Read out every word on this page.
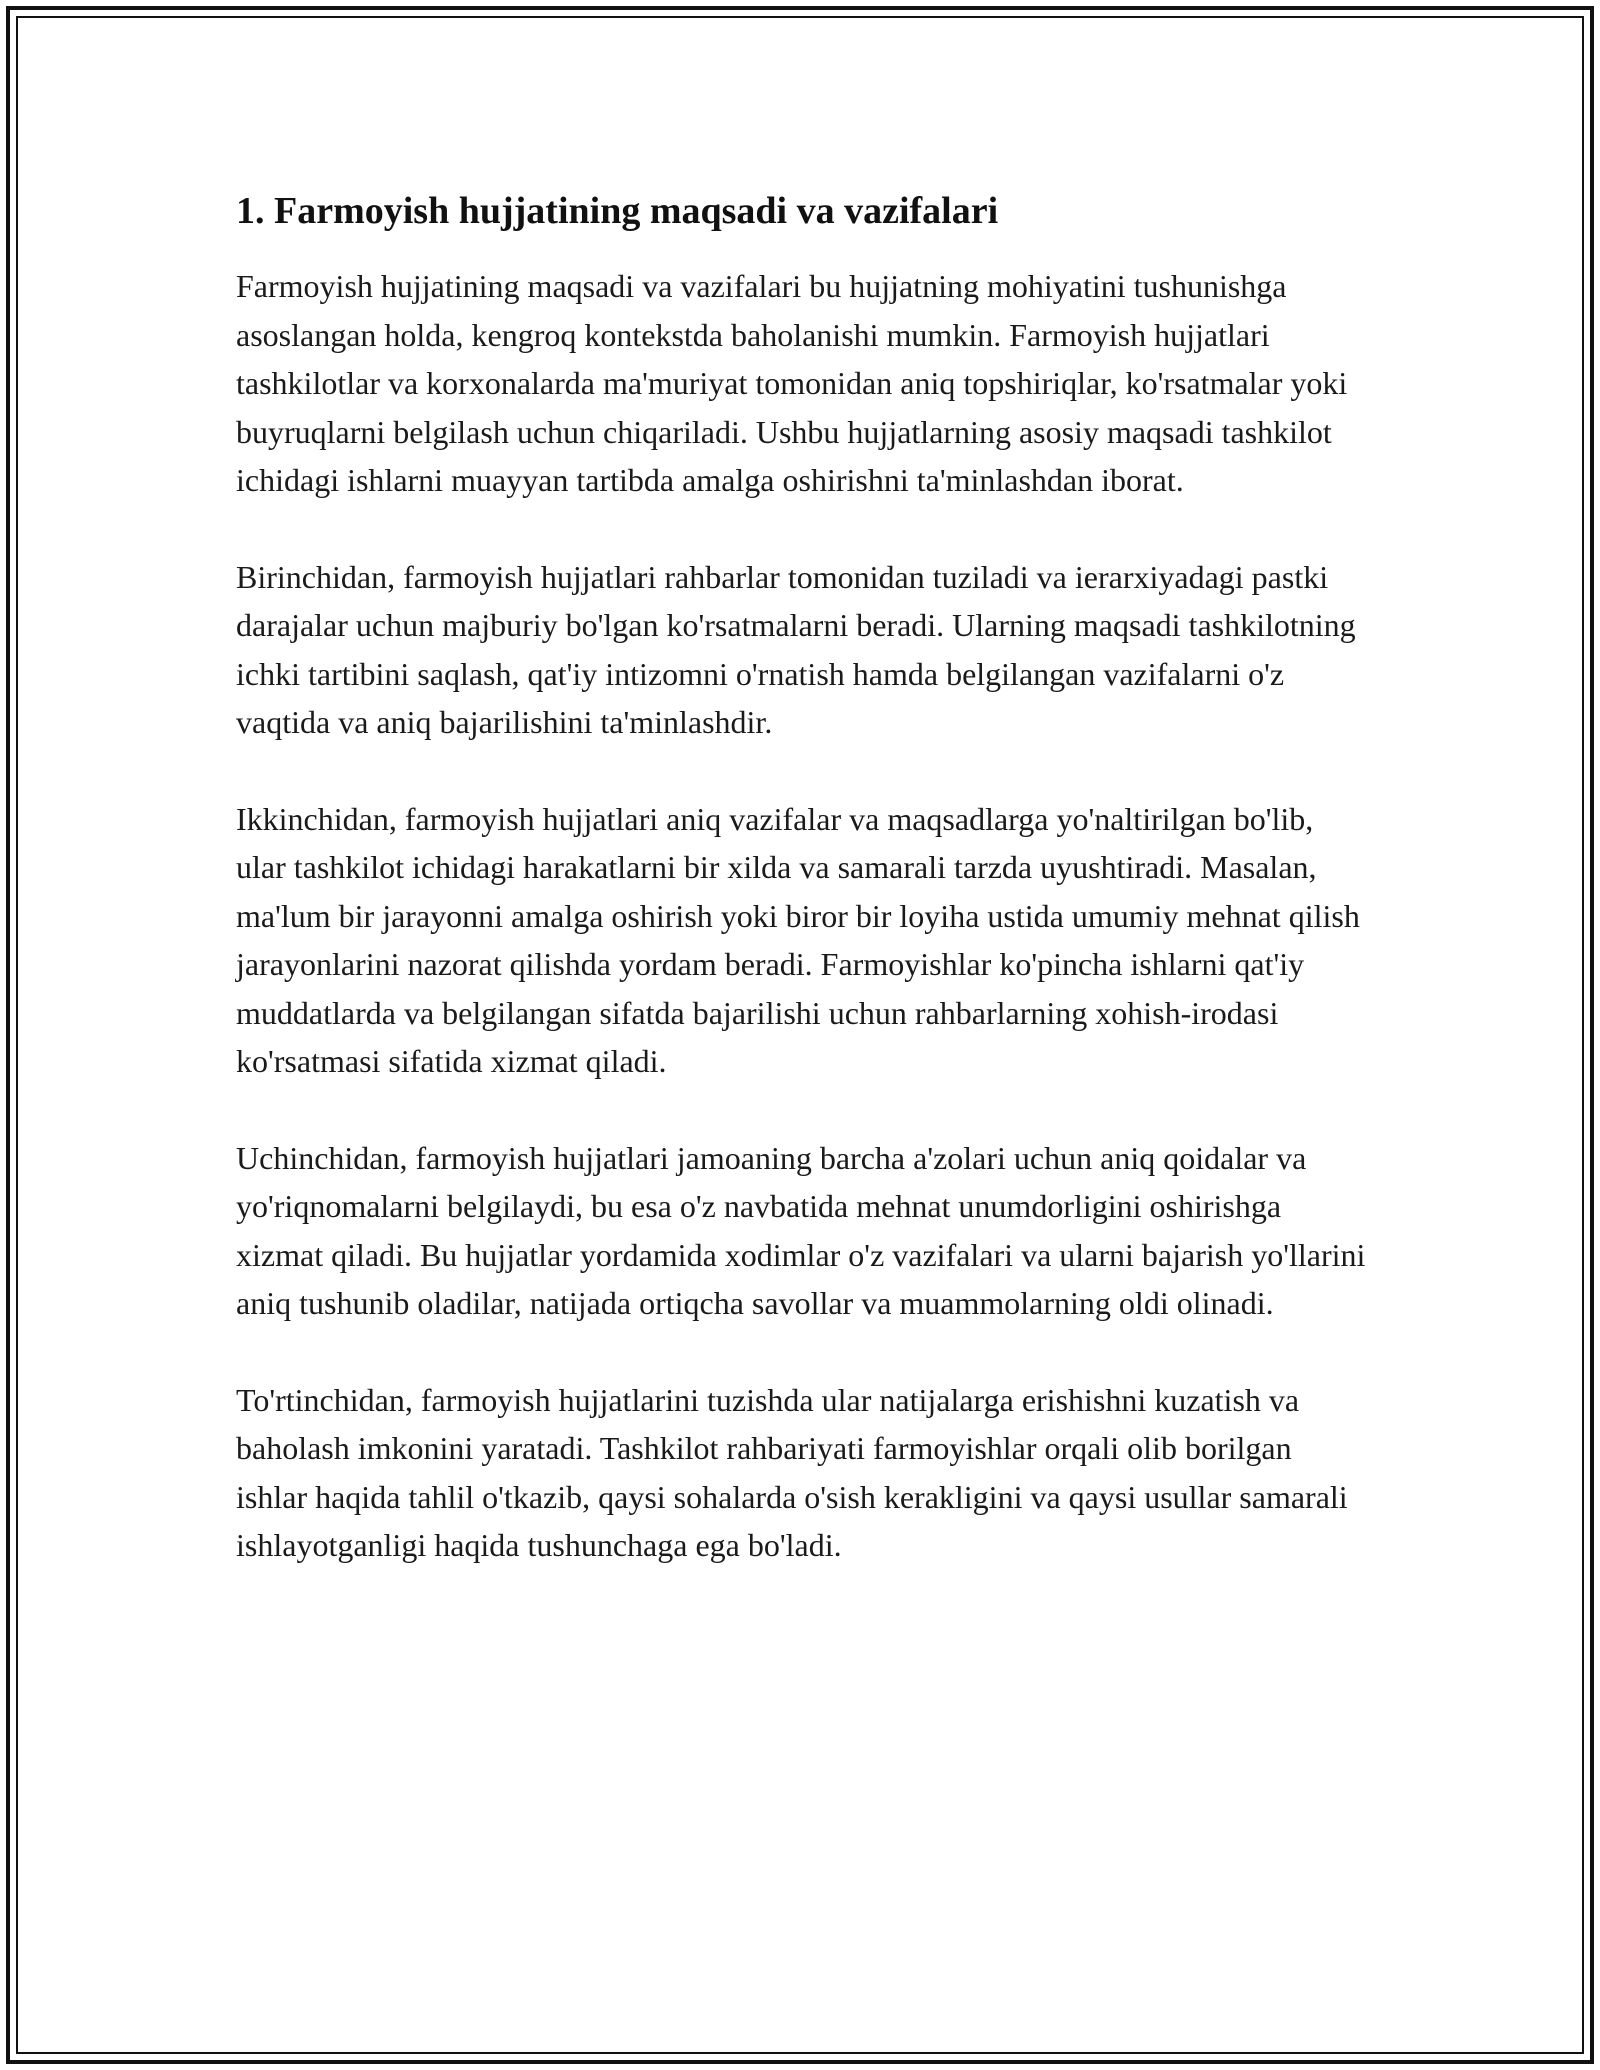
1. Farmoyish hujjatining maqsadi va vazifalari

Farmoyish hujjatining maqsadi va vazifalari bu hujjatning mohiyatini tushunishga asoslangan holda, kengroq kontekstda baholanishi mumkin. Farmoyish hujjatlari tashkilotlar va korxonalarda ma'muriyat tomonidan aniq topshiriqlar, ko'rsatmalar yoki buyruqlarni belgilash uchun chiqariladi. Ushbu hujjatlarning asosiy maqsadi tashkilot ichidagi ishlarni muayyan tartibda amalga oshirishni ta'minlashdan iborat.

Birinchidan, farmoyish hujjatlari rahbarlar tomonidan tuziladi va ierarxiyadagi pastki darajalar uchun majburiy bo'lgan ko'rsatmalarni beradi. Ularning maqsadi tashkilotning ichki tartibini saqlash, qat'iy intizomni o'rnatish hamda belgilangan vazifalarni o'z vaqtida va aniq bajarilishini ta'minlashdir.

Ikkinchidan, farmoyish hujjatlari aniq vazifalar va maqsadlarga yo'naltirilgan bo'lib, ular tashkilot ichidagi harakatlarni bir xilda va samarali tarzda uyushtiradi. Masalan, ma'lum bir jarayonni amalga oshirish yoki biror bir loyiha ustida umumiy mehnat qilish jarayonlarini nazorat qilishda yordam beradi. Farmoyishlar ko'pincha ishlarni qat'iy muddatlarda va belgilangan sifatda bajarilishi uchun rahbarlarning xohish-irodasi ko'rsatmasi sifatida xizmat qiladi.

Uchinchidan, farmoyish hujjatlari jamoaning barcha a'zolari uchun aniq qoidalar va yo'riqnomalarni belgilaydi, bu esa o'z navbatida mehnat unumdorligini oshirishga xizmat qiladi. Bu hujjatlar yordamida xodimlar o'z vazifalari va ularni bajarish yo'llarini aniq tushunib oladilar, natijada ortiqcha savollar va muammolarning oldi olinadi.

To'rtinchidan, farmoyish hujjatlarini tuzishda ular natijalarga erishishni kuzatish va baholash imkonini yaratadi. Tashkilot rahbariyati farmoyishlar orqali olib borilgan ishlar haqida tahlil o'tkazib, qaysi sohalarda o'sish kerakligini va qaysi usullar samarali ishlayotganligi haqida tushunchaga ega bo'ladi.
